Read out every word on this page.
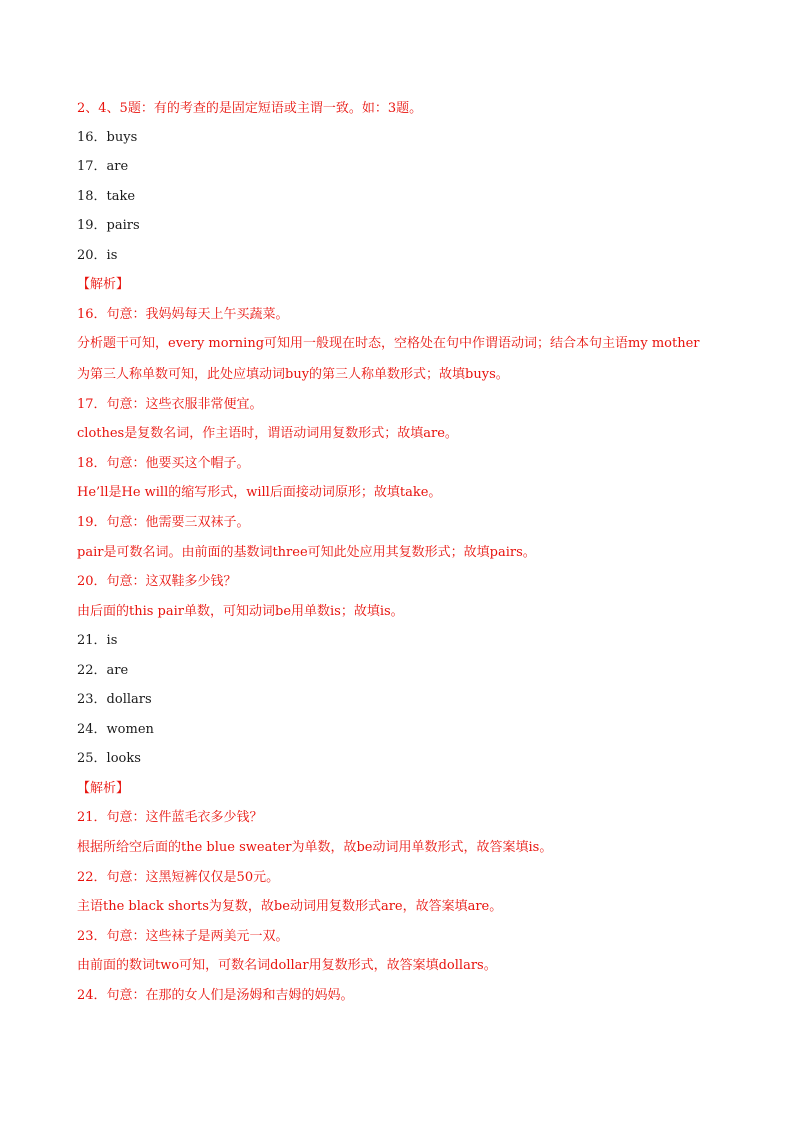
2、4、5题：有的考查的是固定短语或主谓一致。如：3题。
16．buys
17．are
18．take
19．pairs
20．is
【解析】
16．句意：我妈妈每天上午买蔬菜。
分析题干可知，every morning可知用一般现在时态，空格处在句中作谓语动词；结合本句主语my mother
为第三人称单数可知，此处应填动词buy的第三人称单数形式；故填buys。
17．句意：这些衣服非常便宜。
clothes是复数名词，作主语时，谓语动词用复数形式；故填are。
18．句意：他要买这个帽子。
He’ll是He will的缩写形式，will后面接动词原形；故填take。
19．句意：他需要三双袜子。
pair是可数名词。由前面的基数词three可知此处应用其复数形式；故填pairs。
20．句意：这双鞋多少钱？
由后面的this pair单数，可知动词be用单数is；故填is。
21．is
22．are
23．dollars
24．women
25．looks
【解析】
21．句意：这件蓝毛衣多少钱？
根据所给空后面的the blue sweater为单数，故be动词用单数形式，故答案填is。
22．句意：这黑短裤仅仅是50元。
主语the black shorts为复数，故be动词用复数形式are，故答案填are。
23．句意：这些袜子是两美元一双。
由前面的数词two可知，可数名词dollar用复数形式，故答案填dollars。
24．句意：在那的女人们是汤姆和吉姆的妈妈。
